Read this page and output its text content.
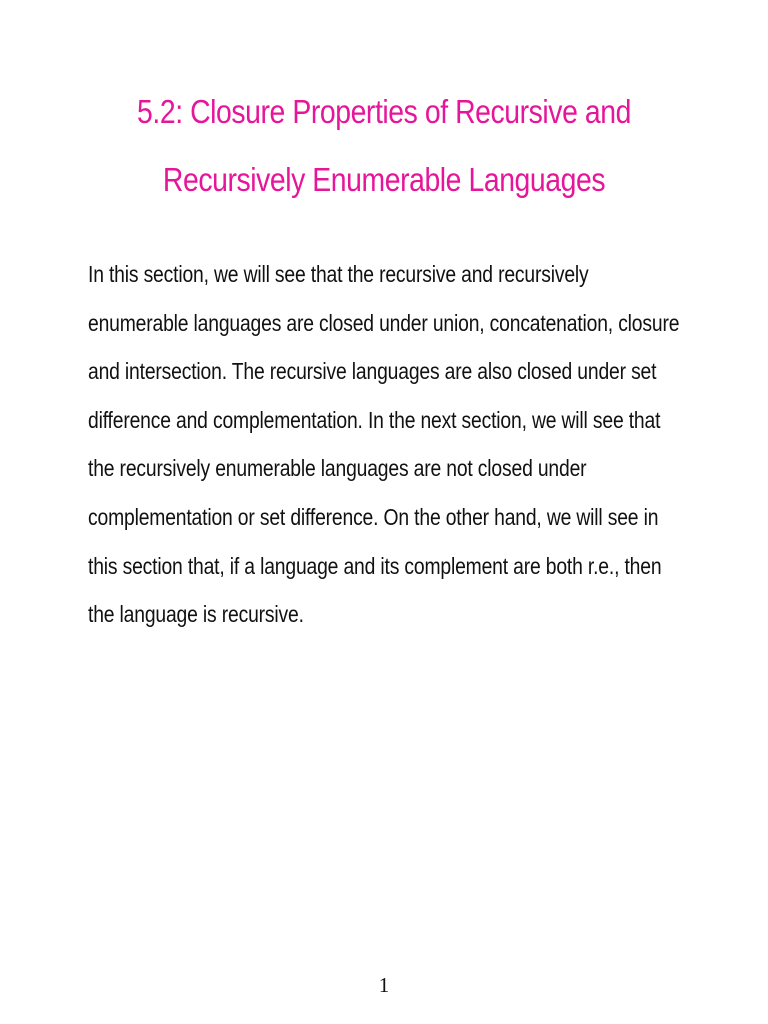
5.2: Closure Properties of Recursive and
Recursively Enumerable Languages
In this section, we will see that the recursive and recursively
enumerable languages are closed under union, concatenation, closure
and intersection. The recursive languages are also closed under set
difference and complementation. In the next section, we will see that
the recursively enumerable languages are not closed under
complementation or set difference. On the other hand, we will see in
this section that, if a language and its complement are both r.e., then
the language is recursive.
1
